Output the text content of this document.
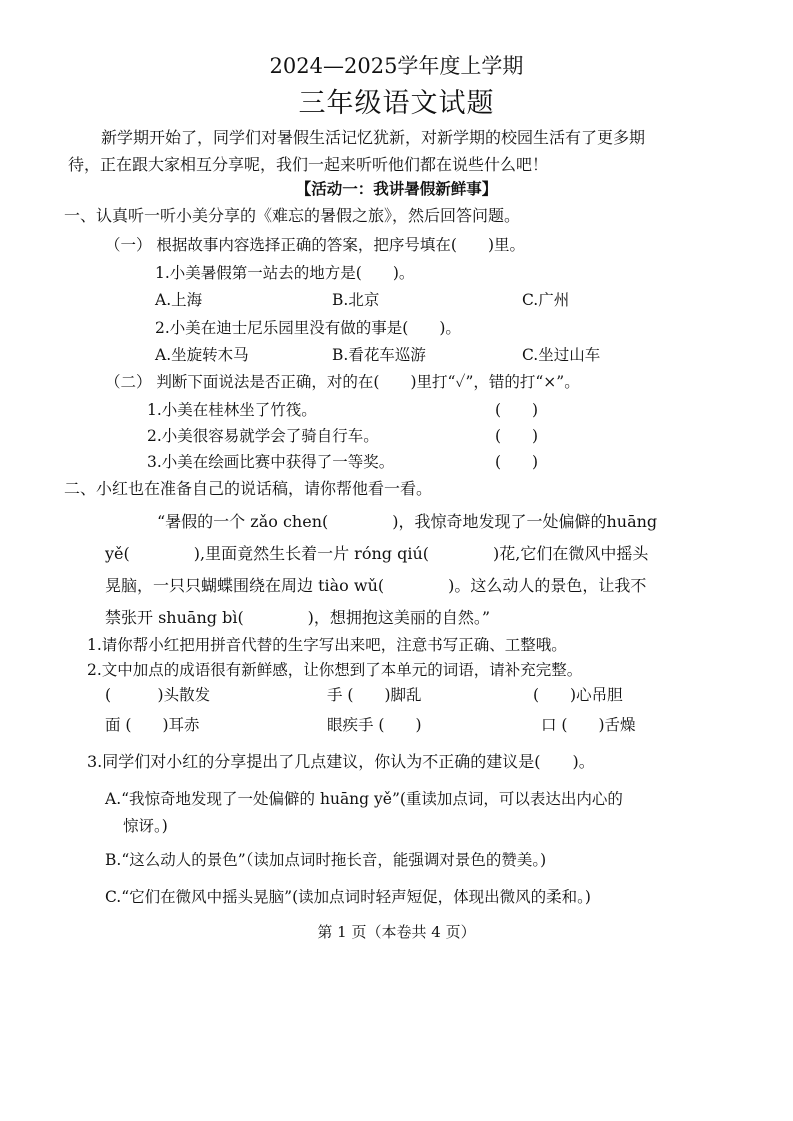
2024—2025学年度上学期
三年级语文试题
新学期开始了，同学们对暑假生活记忆犹新，对新学期的校园生活有了更多期
待，正在跟大家相互分享呢，我们一起来听听他们都在说些什么吧！
【活动一：我讲暑假新鲜事】
一、认真听一听小美分享的《难忘的暑假之旅》，然后回答问题。
（一） 根据故事内容选择正确的答案，把序号填在(　　)里。
1.小美暑假第一站去的地方是(　　)。
A.上海	B.北京	C.广州
2.小美在迪士尼乐园里没有做的事是(　　)。
A.坐旋转木马	B.看花车巡游	C.坐过山车
（二） 判断下面说法是否正确，对的在(　　)里打“✓”，错的打“×”。
1.小美在桂林坐了竹筏。	(　　)
2.小美很容易就学会了骑自行车。	(　　)
3.小美在绘画比赛中获得了一等奖。	(　　)
二、小红也在准备自己的说话稿，请你帮他看一看。
“暑假的一个 zǎo chen(　　　　)，我惊奇地发现了一处偏僻的huāng
yě(　　　　),里面竟然生长着一片 róng qiú(　　　　)花,它们在微风中摇头
晃脑，一只只蝴蝶围绕在周边 tiào wǔ(　　　　)。这么动人的景色，让我不
禁张开 shuāng bì(　　　　)，想拥抱这美丽的自然。”
1.请你帮小红把用拼音代替的生字写出来吧，注意书写正确、工整哦。
2.文中加点的成语很有新鲜感，让你想到了本单元的词语，请补充完整。
(　　　)头散发	手 (　　)脚乱	(　　)心吊胆
面 (　　)耳赤	眼疾手 (　　)	口 (　　)舌燥
3.同学们对小红的分享提出了几点建议，你认为不正确的建议是(　　)。
A.“我惊奇地发现了一处偏僻的 huāng yě”(重读加点词，可以表达出内心的
惊讶。)
B.“这么动人的景色”（读加点词时拖长音，能强调对景色的赞美。)
C.“它们在微风中摇头晃脑”(读加点词时轻声短促，体现出微风的柔和。)
第 1 页（本卷共 4 页）
